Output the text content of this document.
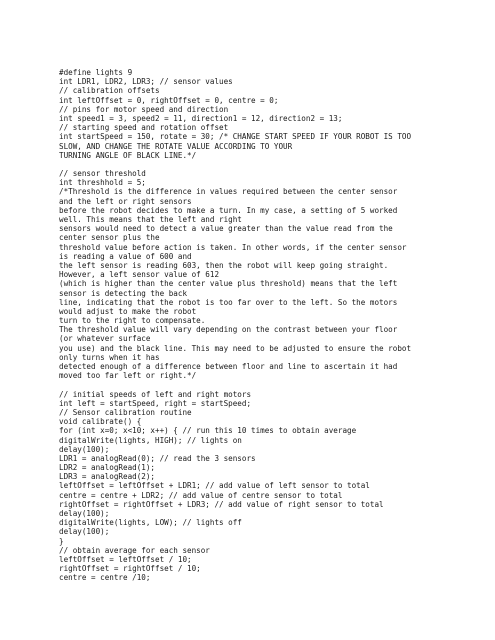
#define lights 9
int LDR1, LDR2, LDR3; // sensor values
// calibration offsets
int leftOffset = 0, rightOffset = 0, centre = 0;
// pins for motor speed and direction
int speed1 = 3, speed2 = 11, direction1 = 12, direction2 = 13;
// starting speed and rotation offset
int startSpeed = 150, rotate = 30; /* CHANGE START SPEED IF YOUR ROBOT IS TOO
SLOW, AND CHANGE THE ROTATE VALUE ACCORDING TO YOUR
TURNING ANGLE OF BLACK LINE.*/
// sensor threshold
int threshhold = 5;
/*Threshold is the difference in values required between the center sensor
and the left or right sensors
before the robot decides to make a turn. In my case, a setting of 5 worked
well. This means that the left and right
sensors would need to detect a value greater than the value read from the
center sensor plus the
threshold value before action is taken. In other words, if the center sensor
is reading a value of 600 and
the left sensor is reading 603, then the robot will keep going straight.
However, a left sensor value of 612
(which is higher than the center value plus threshold) means that the left
sensor is detecting the back
line, indicating that the robot is too far over to the left. So the motors
would adjust to make the robot
turn to the right to compensate.
The threshold value will vary depending on the contrast between your floor
(or whatever surface
you use) and the black line. This may need to be adjusted to ensure the robot
only turns when it has
detected enough of a difference between floor and line to ascertain it had
moved too far left or right.*/
// initial speeds of left and right motors
int left = startSpeed, right = startSpeed;
// Sensor calibration routine
void calibrate() {
for (int x=0; x<10; x++) { // run this 10 times to obtain average
digitalWrite(lights, HIGH); // lights on
delay(100);
LDR1 = analogRead(0); // read the 3 sensors
LDR2 = analogRead(1);
LDR3 = analogRead(2);
leftOffset = leftOffset + LDR1; // add value of left sensor to total
centre = centre + LDR2; // add value of centre sensor to total
rightOffset = rightOffset + LDR3; // add value of right sensor to total
delay(100);
digitalWrite(lights, LOW); // lights off
delay(100);
}
// obtain average for each sensor
leftOffset = leftOffset / 10;
rightOffset = rightOffset / 10;
centre = centre /10;
